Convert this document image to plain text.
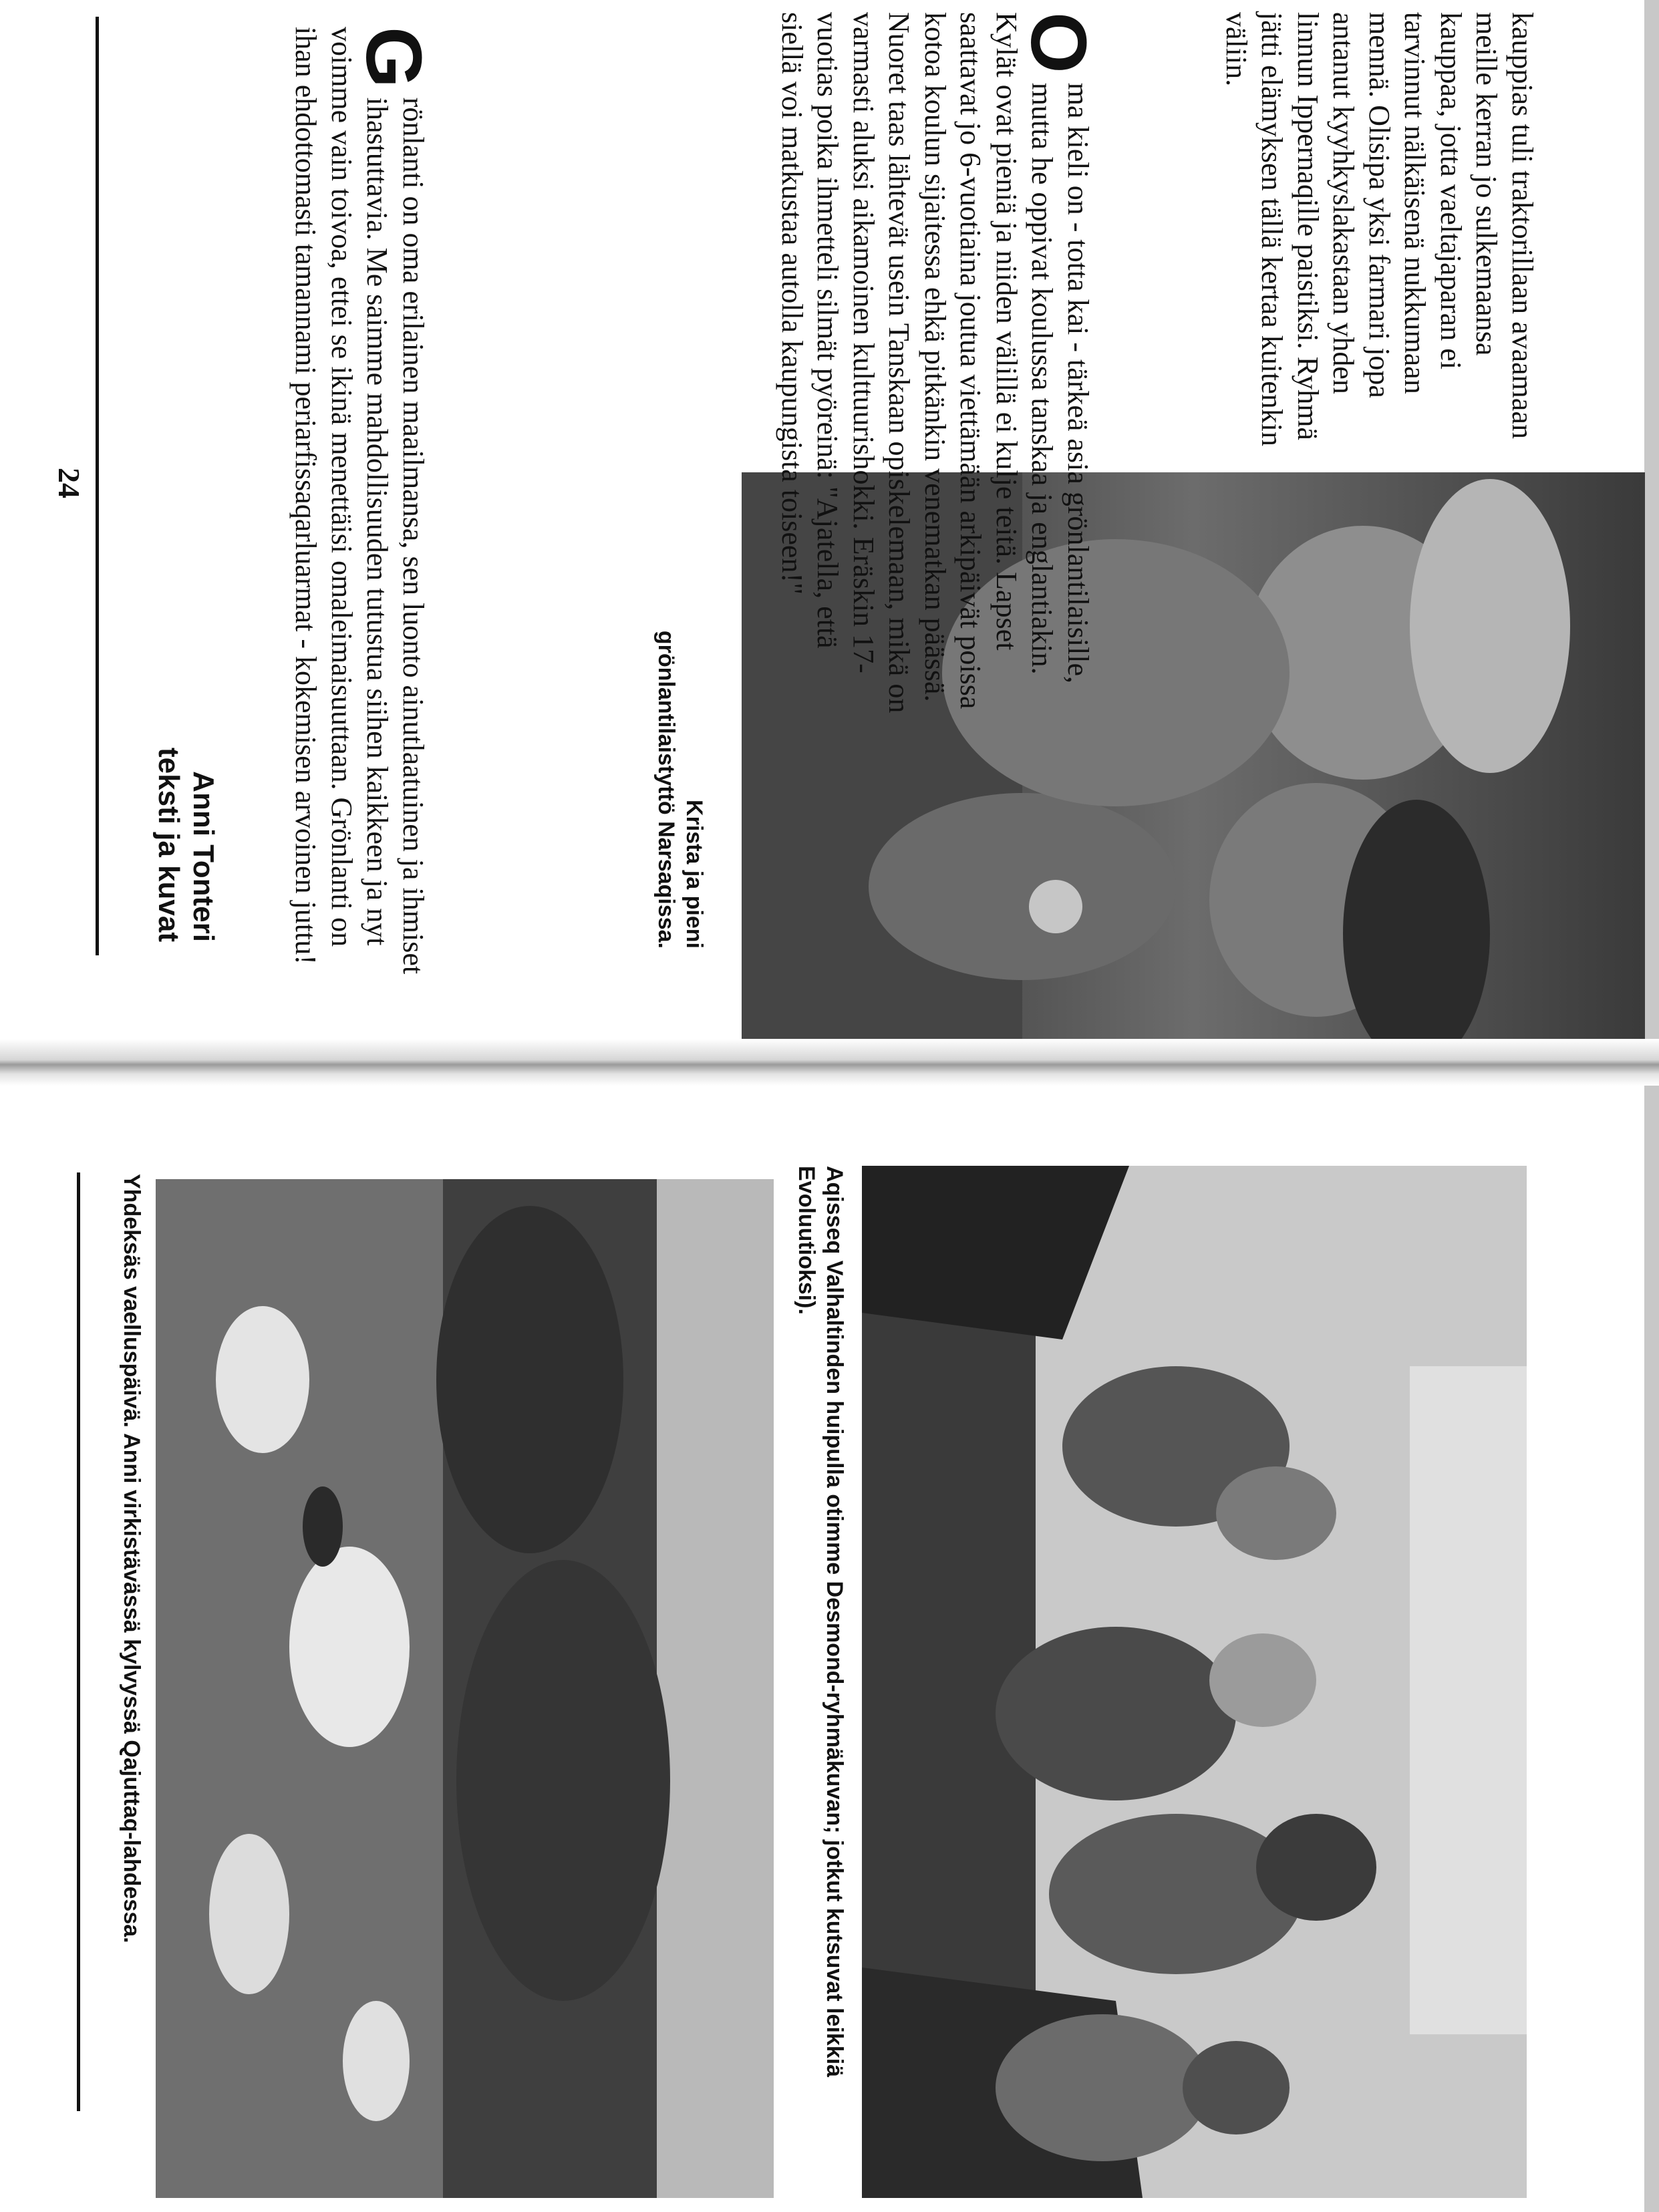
kauppias tuli traktorillaan avaamaan meille kerran jo sulkemaansa kauppaa, jotta vaeltajaparan ei tarvinnut nälkäisenä nukkumaan mennä. Olisipa yksi farmari jopa antanut kyyhkyslakastaan yhden linnun Ippernaqille paistiksi. Ryhmä jätti elämyksen tällä kertaa kuitenkin väliin.

O
ma kieli on - totta kai - tärkeä asia grönlantilaisille, mutta he oppivat koulussa tanskaa ja englantiakin. Kylät ovat pieniä ja niiden välillä ei kulje teitä. Lapset saattavat jo 6-vuotiaina joutua viettämään arkipäivät poissa kotoa koulun sijaitessa ehkä pitkänkin venematkan päässä. Nuoret taas lähtevät usein Tanskaan opiskelemaan, mikä on varmasti aluksi aikamoinen kulttuurishokki. Eräskin 17-vuotias poika ihmetteli silmät pyöreinä: "Ajatella, että siellä voi matkustaa autolla kaupungista toiseen!"

G
rönlanti on oma erilainen maailmansa, sen luonto ainutlaatuinen ja ihmiset ihastuttavia. Me saimme mahdollisuuden tutustua siihen kaikkeen ja nyt voimme vain toivoa, ettei se ikinä menettäisi omaleimaisuuttaan. Grönlanti on ihan ehdottomasti tamannami periarfissaqarluarmat - kokemisen arvoinen juttu!	Krista ja pieni grönlantilaistyttö Narsaqissa.
Anni Tonteri
teksti ja kuvat
24
Aqisseq Valhaltinden huipulla otimme Desmond-ryhmäkuvan; jotkut kutsuvat leikkiä Evoluutioksi).
Yhdeksäs vaelluspäivä. Anni virkistävässä kylvyssä Qajuttaq-lahdessa.
